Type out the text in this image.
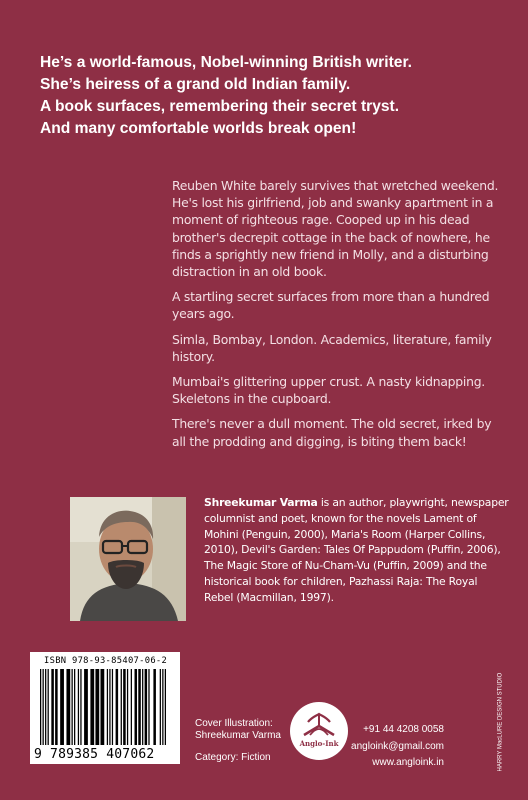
He’s a world-famous, Nobel-winning British writer.
She’s heiress of a grand old Indian family.
A book surfaces, remembering their secret tryst.
And many comfortable worlds break open!

Reuben White barely survives that wretched weekend. He's lost his girlfriend, job and swanky apartment in a moment of righteous rage. Cooped up in his dead brother's decrepit cottage in the back of nowhere, he finds a sprightly new friend in Molly, and a disturbing distraction in an old book.

A startling secret surfaces from more than a hundred years ago.

Simla, Bombay, London. Academics, literature, family history.

Mumbai's glittering upper crust. A nasty kidnapping. Skeletons in the cupboard.

There's never a dull moment. The old secret, irked by all the prodding and digging, is biting them back!

Shreekumar Varma is an author, playwright, newspaper columnist and poet, known for the novels Lament of Mohini (Penguin, 2000), Maria's Room (Harper Collins, 2010), Devil's Garden: Tales Of Pappudom (Puffin, 2006), The Magic Store of Nu-Cham-Vu (Puffin, 2009) and the historical book for children, Pazhassi Raja: The Royal Rebel (Macmillan, 1997).
ISBN 978-93-85407-06-2
9 789385 407062
Cover Illustration:
Shreekumar Varma
Category: Fiction
Anglo-Ink
+91 44 4208 0058
angloink@gmail.com
www.angloink.in	HARRY MacLURE DESIGN STUDIO
